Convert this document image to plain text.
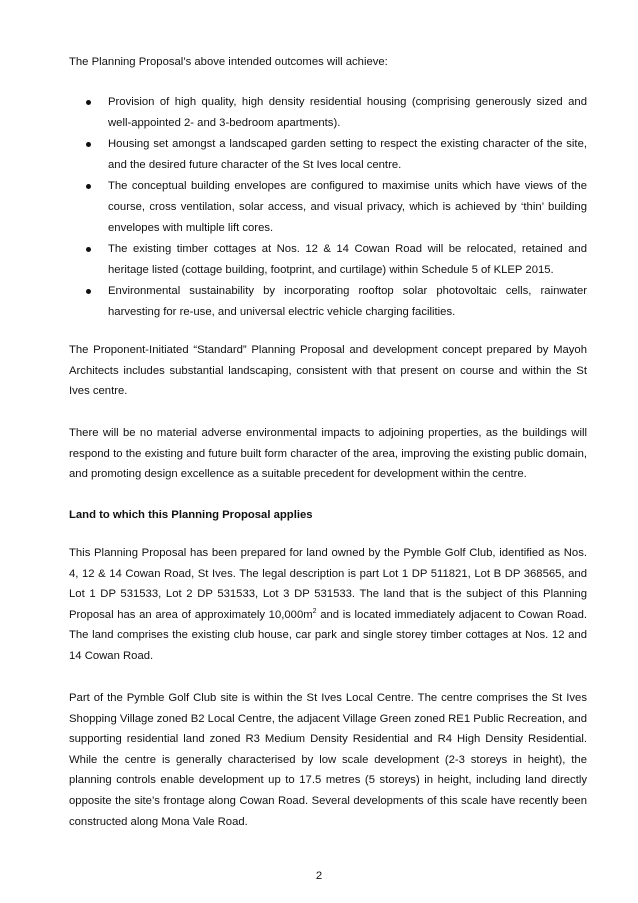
The Planning Proposal’s above intended outcomes will achieve:

Provision of high quality, high density residential housing (comprising generously sized and well-appointed 2- and 3-bedroom apartments).

Housing set amongst a landscaped garden setting to respect the existing character of the site, and the desired future character of the St Ives local centre.

The conceptual building envelopes are configured to maximise units which have views of the course, cross ventilation, solar access, and visual privacy, which is achieved by ‘thin’ building envelopes with multiple lift cores.

The existing timber cottages at Nos. 12 & 14 Cowan Road will be relocated, retained and heritage listed (cottage building, footprint, and curtilage) within Schedule 5 of KLEP 2015.

Environmental sustainability by incorporating rooftop solar photovoltaic cells, rainwater harvesting for re-use, and universal electric vehicle charging facilities.

The Proponent-Initiated “Standard” Planning Proposal and development concept prepared by Mayoh Architects includes substantial landscaping, consistent with that present on course and within the St Ives centre.

There will be no material adverse environmental impacts to adjoining properties, as the buildings will respond to the existing and future built form character of the area, improving the existing public domain, and promoting design excellence as a suitable precedent for development within the centre.

Land to which this Planning Proposal applies

This Planning Proposal has been prepared for land owned by the Pymble Golf Club, identified as Nos. 4, 12 & 14 Cowan Road, St Ives. The legal description is part Lot 1 DP 511821, Lot B DP 368565, and Lot 1 DP 531533, Lot 2 DP 531533, Lot 3 DP 531533. The land that is the subject of this Planning Proposal has an area of approximately $10,000m^2$ and is located immediately adjacent to Cowan Road. The land comprises the existing club house, car park and single storey timber cottages at Nos. 12 and 14 Cowan Road.

Part of the Pymble Golf Club site is within the St Ives Local Centre. The centre comprises the St Ives Shopping Village zoned B2 Local Centre, the adjacent Village Green zoned RE1 Public Recreation, and supporting residential land zoned R3 Medium Density Residential and R4 High Density Residential. While the centre is generally characterised by low scale development (2-3 storeys in height), the planning controls enable development up to 17.5 metres (5 storeys) in height, including land directly opposite the site’s frontage along Cowan Road. Several developments of this scale have recently been constructed along Mona Vale Road.

2
